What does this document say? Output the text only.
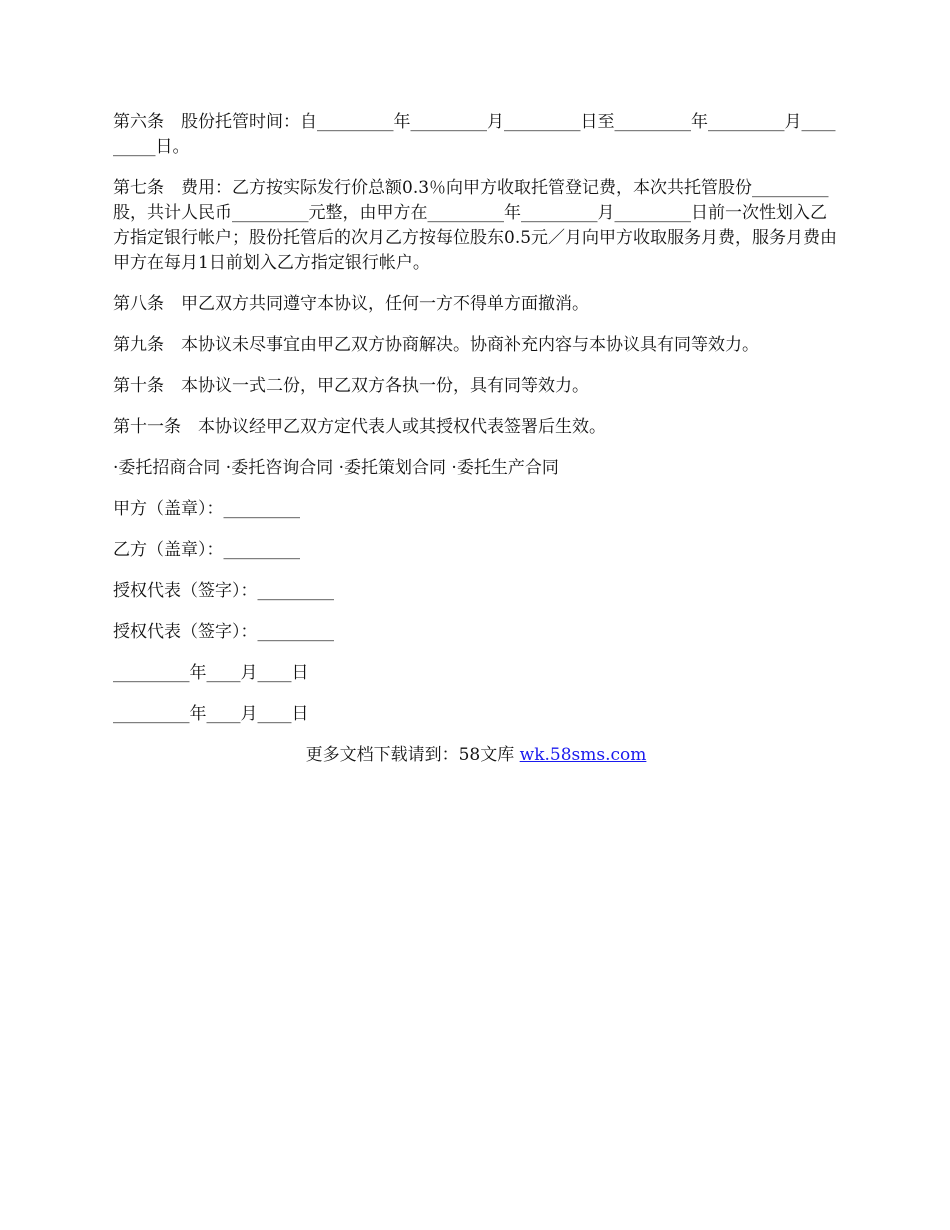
第六条　股份托管时间：自_________年_________月_________日至_________年_________月_________日。

第七条　费用：乙方按实际发行价总额0.3％向甲方收取托管登记费，本次共托管股份_________股，共计人民币_________元整，由甲方在_________年_________月_________日前一次性划入乙方指定银行帐户；股份托管后的次月乙方按每位股东0.5元／月向甲方收取服务月费，服务月费由甲方在每月1日前划入乙方指定银行帐户。

第八条　甲乙双方共同遵守本协议，任何一方不得单方面撤消。

第九条　本协议未尽事宜由甲乙双方协商解决。协商补充内容与本协议具有同等效力。

第十条　本协议一式二份，甲乙双方各执一份，具有同等效力。

第十一条　本协议经甲乙双方定代表人或其授权代表签署后生效。

·委托招商合同 ·委托咨询合同 ·委托策划合同 ·委托生产合同

甲方（盖章）：_________

乙方（盖章）：_________

授权代表（签字）：_________

授权代表（签字）：_________

_________年____月____日

_________年____月____日

更多文档下载请到：58文库 wk.58sms.com
